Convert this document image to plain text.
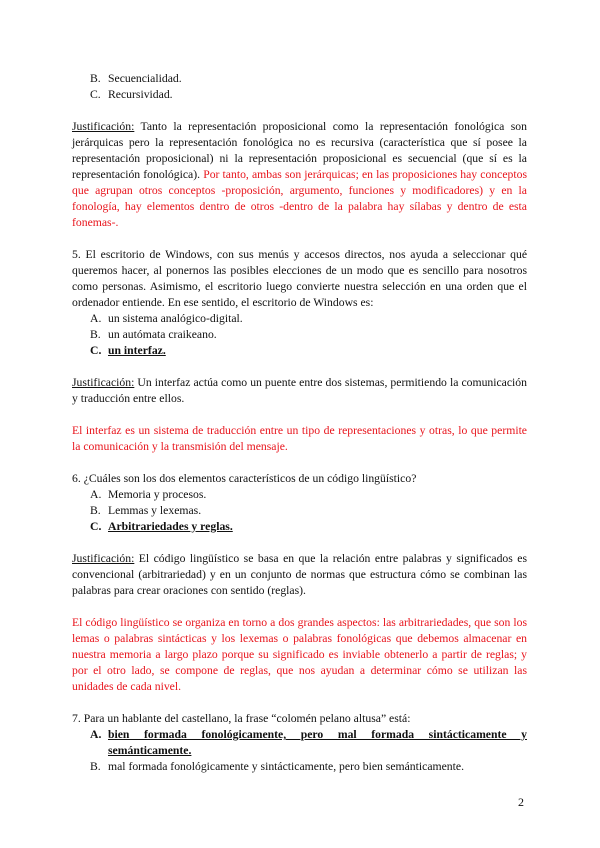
B. Secuencialidad.
C. Recursividad.

Justificación: Tanto la representación proposicional como la representación fonológica son jerárquicas pero la representación fonológica no es recursiva (característica que sí posee la representación proposicional) ni la representación proposicional es secuencial (que sí es la representación fonológica). Por tanto, ambas son jerárquicas; en las proposiciones hay conceptos que agrupan otros conceptos -proposición, argumento, funciones y modificadores) y en la fonología, hay elementos dentro de otros -dentro de la palabra hay sílabas y dentro de esta fonemas-.

5. El escritorio de Windows, con sus menús y accesos directos, nos ayuda a seleccionar qué queremos hacer, al ponernos las posibles elecciones de un modo que es sencillo para nosotros como personas. Asimismo, el escritorio luego convierte nuestra selección en una orden que el ordenador entiende. En ese sentido, el escritorio de Windows es:

A. un sistema analógico-digital.
B. un autómata craikeano.
C. un interfaz.

Justificación: Un interfaz actúa como un puente entre dos sistemas, permitiendo la comunicación y traducción entre ellos.

El interfaz es un sistema de traducción entre un tipo de representaciones y otras, lo que permite la comunicación y la transmisión del mensaje.

6. ¿Cuáles son los dos elementos característicos de un código lingüístico?

A. Memoria y procesos.
B. Lemmas y lexemas.
C. Arbitrariedades y reglas.

Justificación: El código lingüístico se basa en que la relación entre palabras y significados es convencional (arbitrariedad) y en un conjunto de normas que estructura cómo se combinan las palabras para crear oraciones con sentido (reglas).

El código lingüístico se organiza en torno a dos grandes aspectos: las arbitrariedades, que son los lemas o palabras sintácticas y los lexemas o palabras fonológicas que debemos almacenar en nuestra memoria a largo plazo porque su significado es inviable obtenerlo a partir de reglas; y por el otro lado, se compone de reglas, que nos ayudan a determinar cómo se utilizan las unidades de cada nivel.

7. Para un hablante del castellano, la frase “colomén pelano altusa” está:

A. bien formada fonológicamente, pero mal formada sintácticamente y semánticamente.
B. mal formada fonológicamente y sintácticamente, pero bien semánticamente.
2
